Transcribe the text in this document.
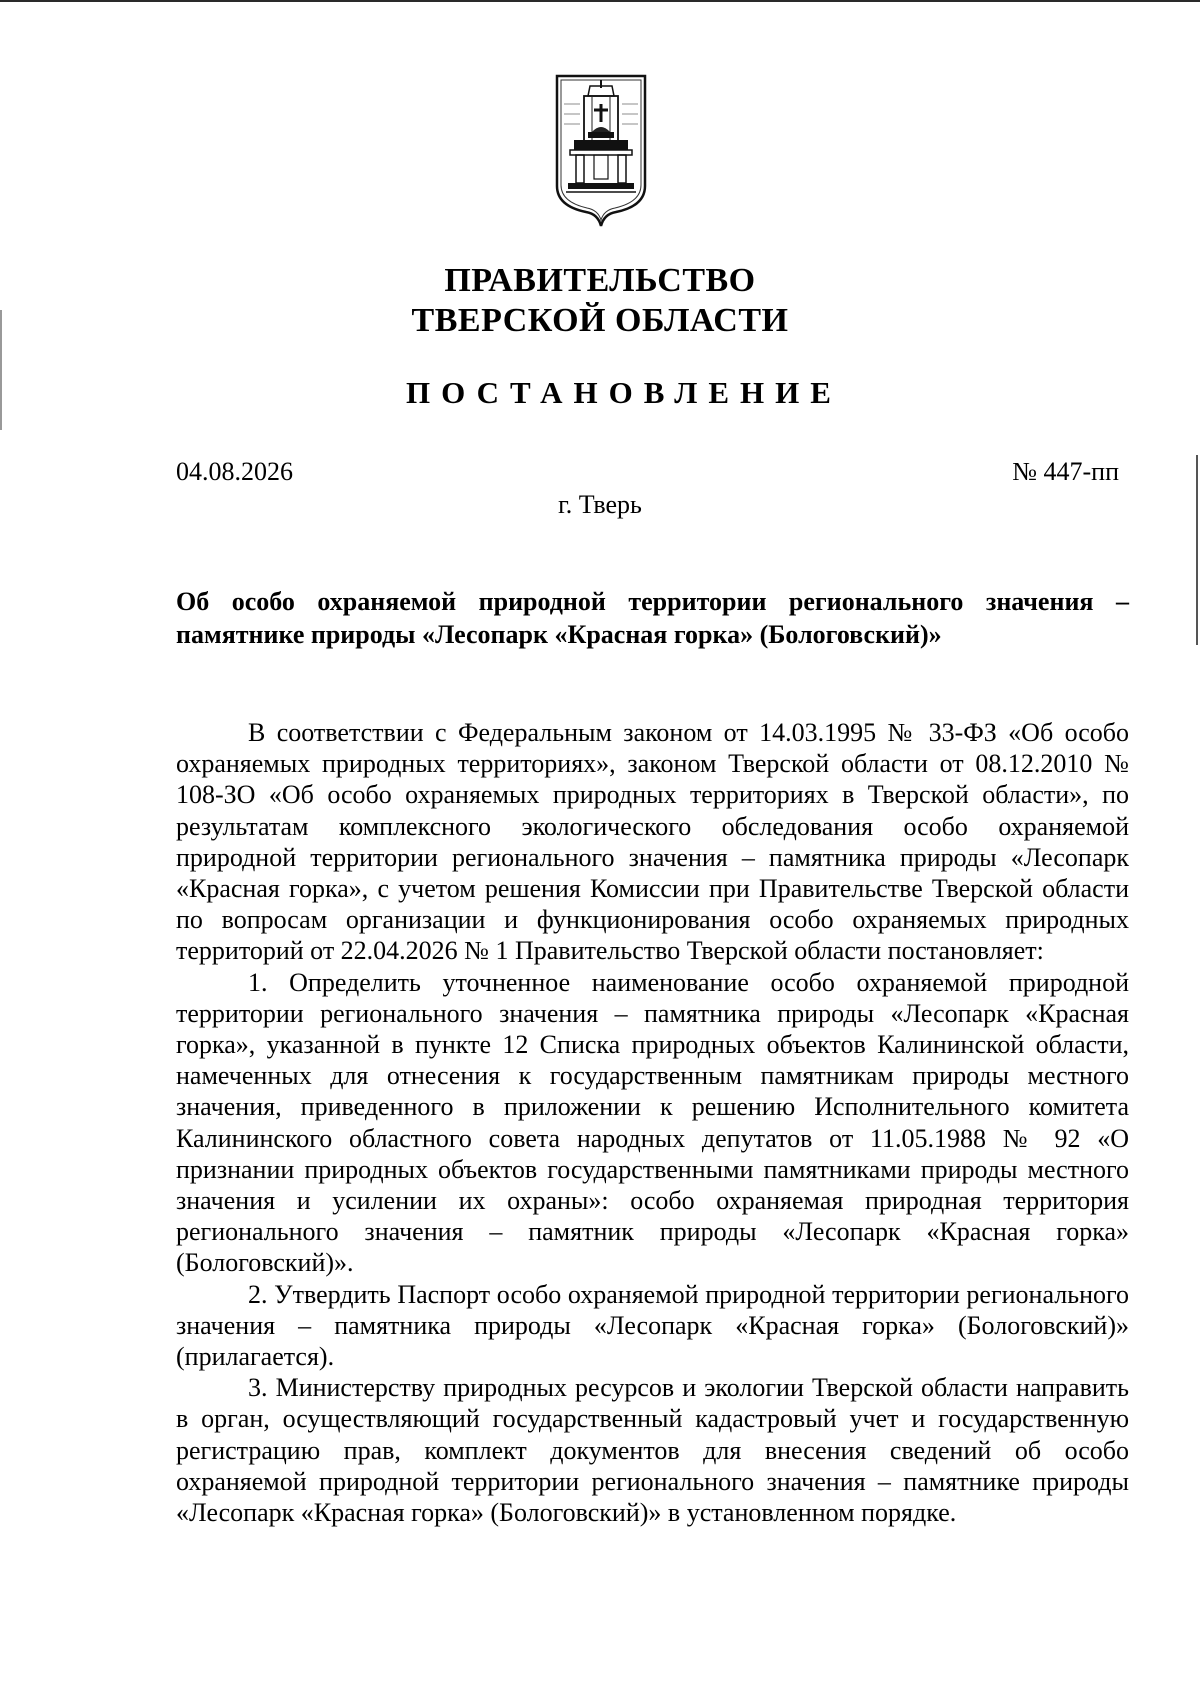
ПРАВИТЕЛЬСТВО
ТВЕРСКОЙ ОБЛАСТИ
ПОСТАНОВЛЕНИЕ
04.08.2026	№ 447-пп
г. Тверь
Об особо охраняемой природной территории регионального значения –
памятнике природы «Лесопарк «Красная горка» (Бологовский)»

В соответствии с Федеральным законом от 14.03.1995 № 33-ФЗ «Об особо охраняемых природных территориях», законом Тверской области от 08.12.2010 № 108-ЗО «Об особо охраняемых природных территориях в Тверской области», по результатам комплексного экологического обследования особо охраняемой природной территории регионального значения – памятника природы «Лесопарк «Красная горка», с учетом решения Комиссии при Правительстве Тверской области по вопросам организации и функционирования особо охраняемых природных территорий от 22.04.2026 № 1 Правительство Тверской области постановляет:

1. Определить уточненное наименование особо охраняемой природной территории регионального значения – памятника природы «Лесопарк «Красная горка», указанной в пункте 12 Списка природных объектов Калининской области, намеченных для отнесения к государственным памятникам природы местного значения, приведенного в приложении к решению Исполнительного комитета Калининского областного совета народных депутатов от 11.05.1988 № 92 «О признании природных объектов государственными памятниками природы местного значения и усилении их охраны»: особо охраняемая природная территория регионального значения – памятник природы «Лесопарк «Красная горка» (Бологовский)».

2. Утвердить Паспорт особо охраняемой природной территории регионального значения – памятника природы «Лесопарк «Красная горка» (Бологовский)» (прилагается).

3. Министерству природных ресурсов и экологии Тверской области направить в орган, осуществляющий государственный кадастровый учет и государственную регистрацию прав, комплект документов для внесения сведений об особо охраняемой природной территории регионального значения – памятнике природы «Лесопарк «Красная горка» (Бологовский)» в установленном порядке.
